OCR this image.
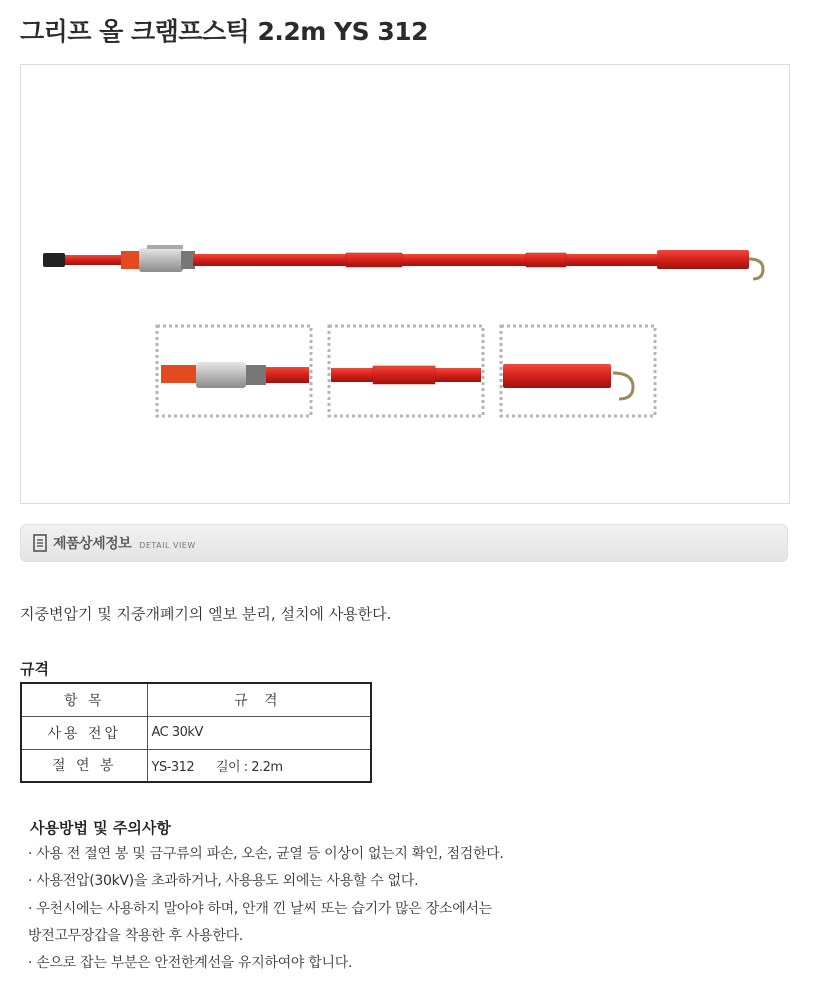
그리프 올 크램프스틱 2.2m YS 312
제품상세정보 DETAIL VIEW

지중변압기 및 지중개폐기의 엘보 분리, 설치에 사용한다.

규격
항 목	규 격
사용 전압	AC 30kV
절 연 봉	YS-312      길이 : 2.2m
사용방법 및 주의사항
· 사용 전 절연 봉 및 금구류의 파손, 오손, 균열 등 이상이 없는지 확인, 점검한다.
· 사용전압(30kV)을 초과하거나, 사용용도 외에는 사용할 수 없다.
· 우천시에는 사용하지 말아야 하며, 안개 낀 날씨 또는 습기가 많은 장소에서는
방전고무장갑을 착용한 후 사용한다.
· 손으로 잡는 부분은 안전한계선을 유지하여야 합니다.
